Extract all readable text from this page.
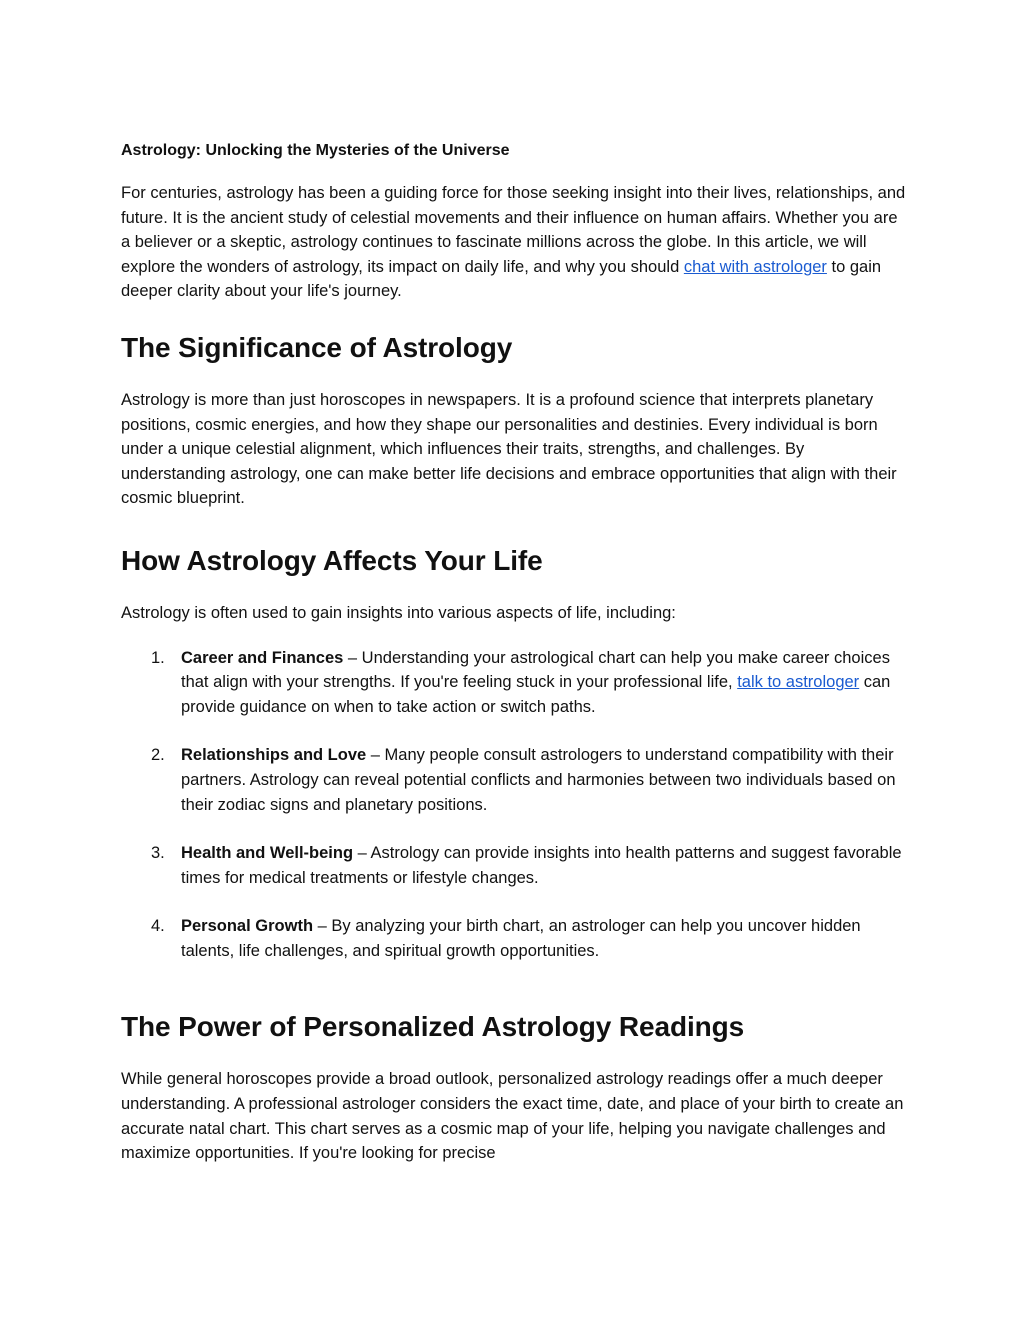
Astrology: Unlocking the Mysteries of the Universe

For centuries, astrology has been a guiding force for those seeking insight into their lives, relationships, and future. It is the ancient study of celestial movements and their influence on human affairs. Whether you are a believer or a skeptic, astrology continues to fascinate millions across the globe. In this article, we will explore the wonders of astrology, its impact on daily life, and why you should chat with astrologer to gain deeper clarity about your life's journey.

The Significance of Astrology

Astrology is more than just horoscopes in newspapers. It is a profound science that interprets planetary positions, cosmic energies, and how they shape our personalities and destinies. Every individual is born under a unique celestial alignment, which influences their traits, strengths, and challenges. By understanding astrology, one can make better life decisions and embrace opportunities that align with their cosmic blueprint.

How Astrology Affects Your Life

Astrology is often used to gain insights into various aspects of life, including:

1. Career and Finances – Understanding your astrological chart can help you make career choices that align with your strengths. If you're feeling stuck in your professional life, talk to astrologer can provide guidance on when to take action or switch paths.
2. Relationships and Love – Many people consult astrologers to understand compatibility with their partners. Astrology can reveal potential conflicts and harmonies between two individuals based on their zodiac signs and planetary positions.
3. Health and Well-being – Astrology can provide insights into health patterns and suggest favorable times for medical treatments or lifestyle changes.
4. Personal Growth – By analyzing your birth chart, an astrologer can help you uncover hidden talents, life challenges, and spiritual growth opportunities.
The Power of Personalized Astrology Readings

While general horoscopes provide a broad outlook, personalized astrology readings offer a much deeper understanding. A professional astrologer considers the exact time, date, and place of your birth to create an accurate natal chart. This chart serves as a cosmic map of your life, helping you navigate challenges and maximize opportunities. If you're looking for precise
